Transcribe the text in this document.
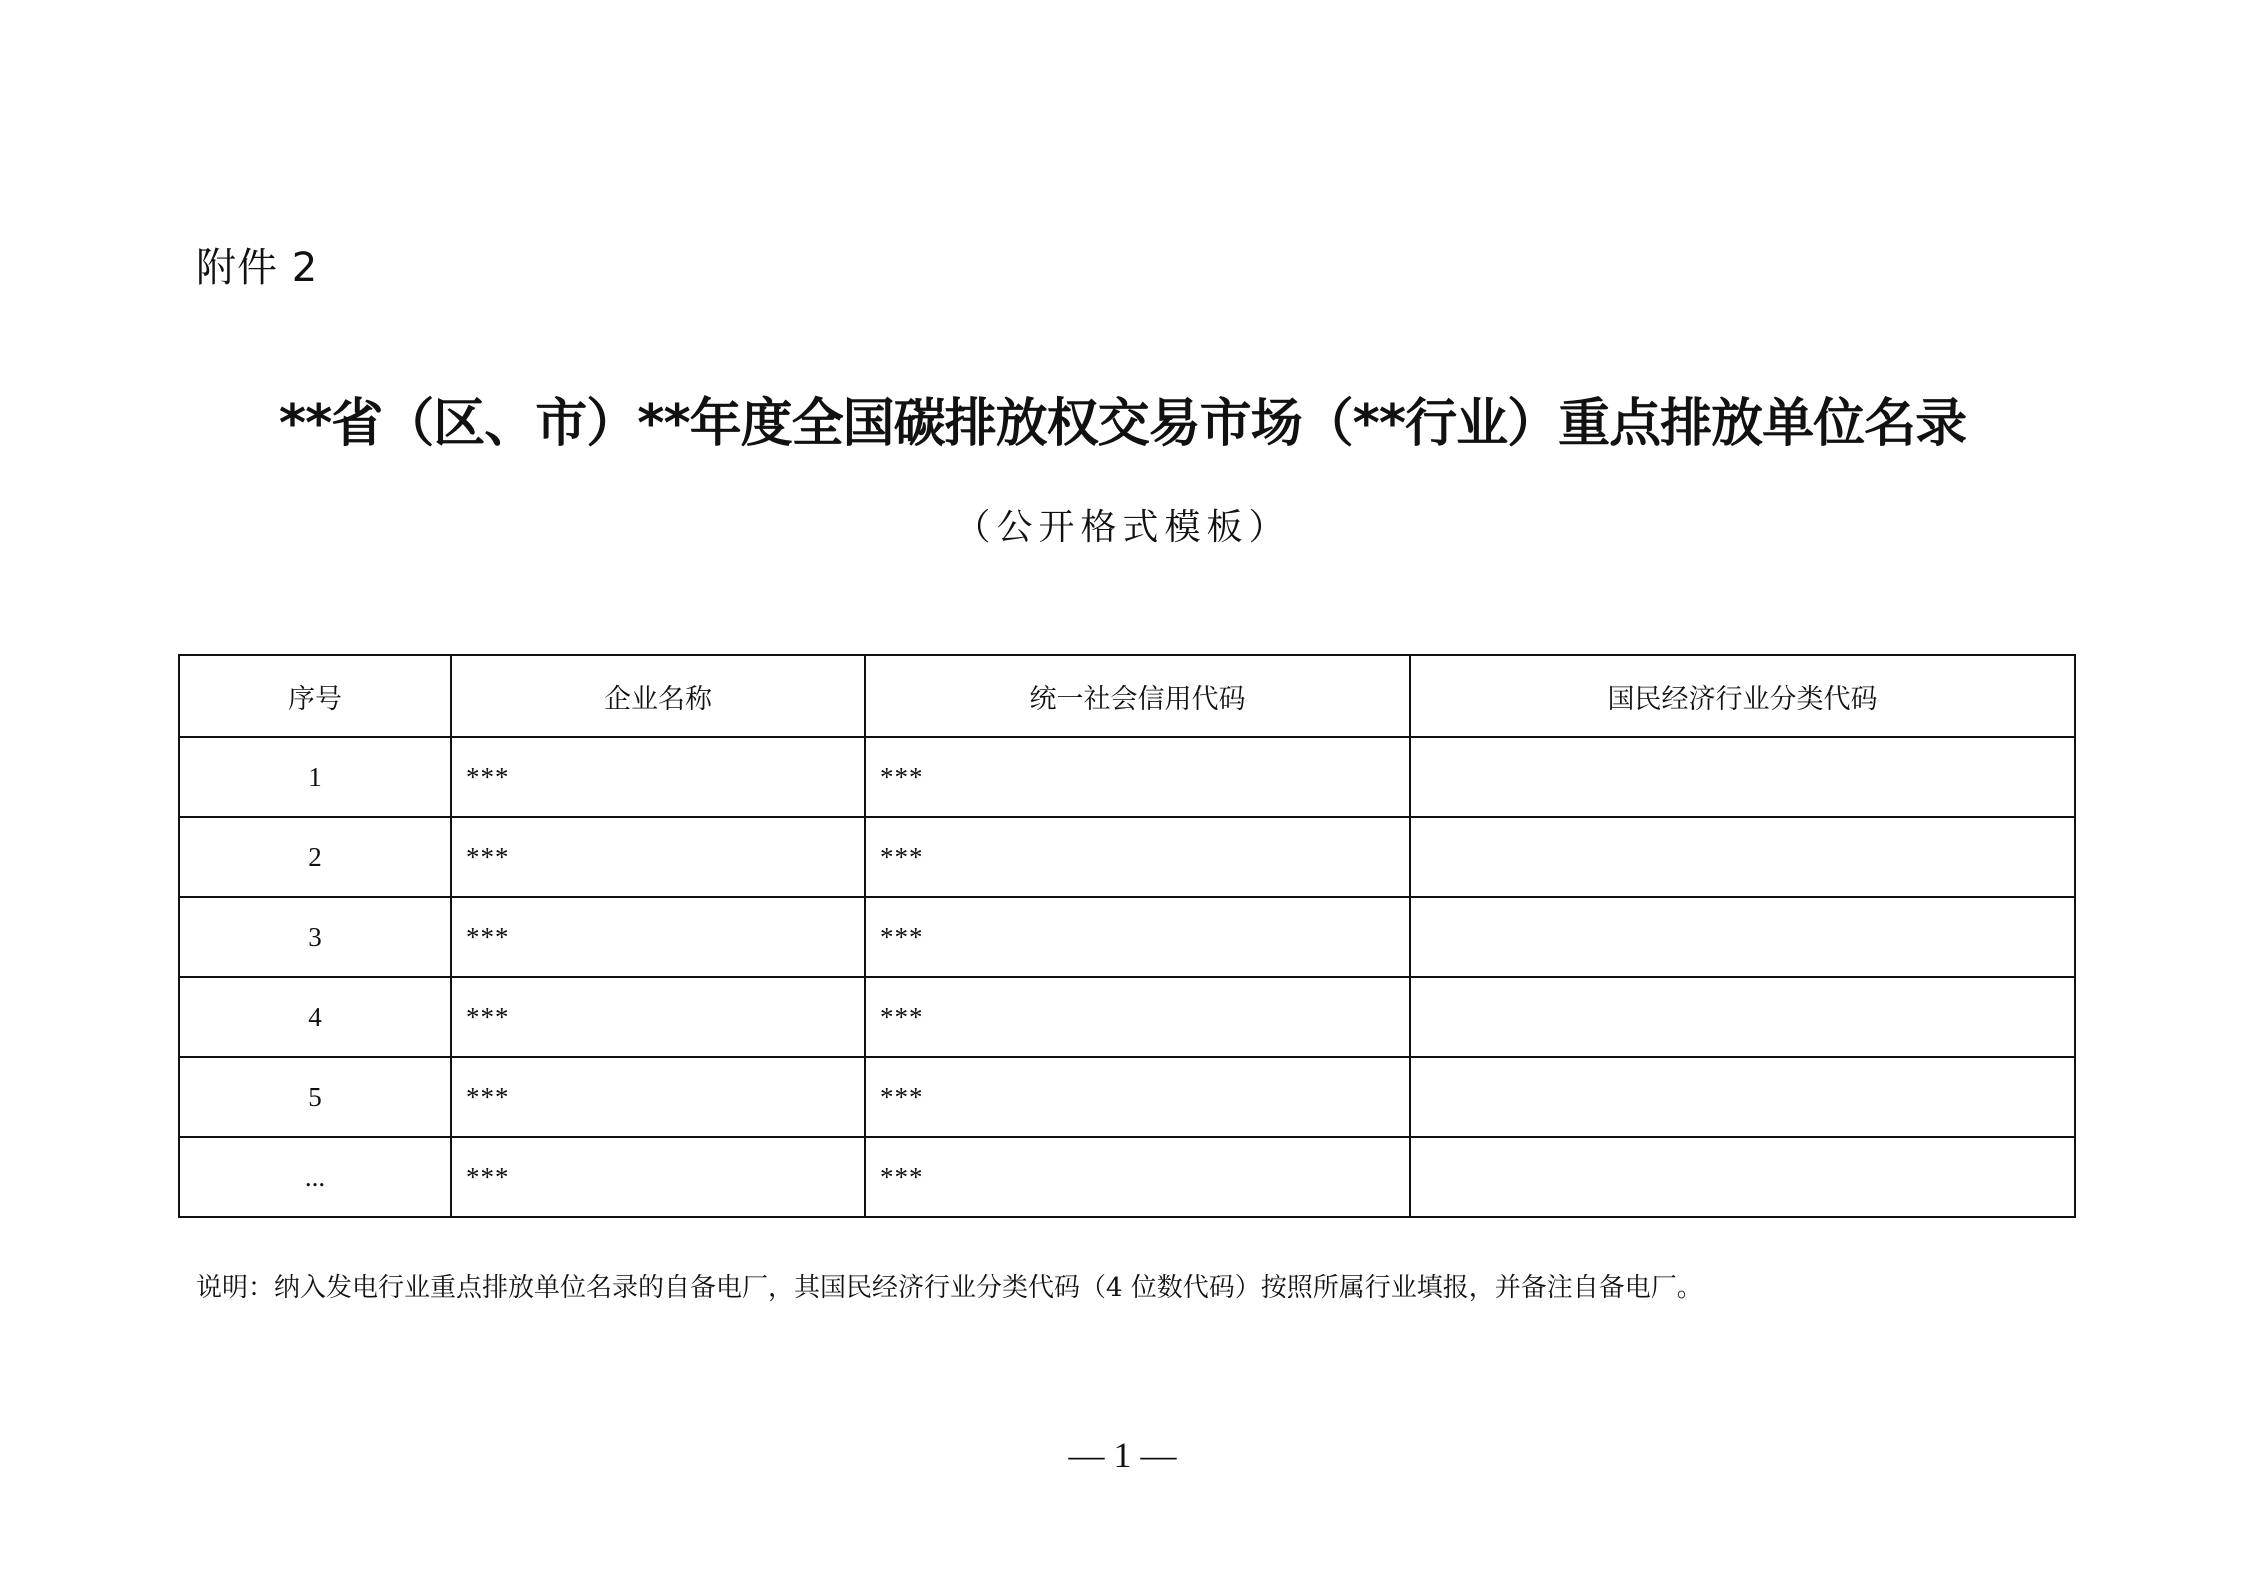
附件 2
**省（区、市）**年度全国碳排放权交易市场（**行业）重点排放单位名录
（公开格式模板）
序号	企业名称	统一社会信用代码	国民经济行业分类代码
1	***	***	
2	***	***	
3	***	***	
4	***	***	
5	***	***	
...	***	***	
说明：纳入发电行业重点排放单位名录的自备电厂，其国民经济行业分类代码（4 位数代码）按照所属行业填报，并备注自备电厂。
— 1 —
